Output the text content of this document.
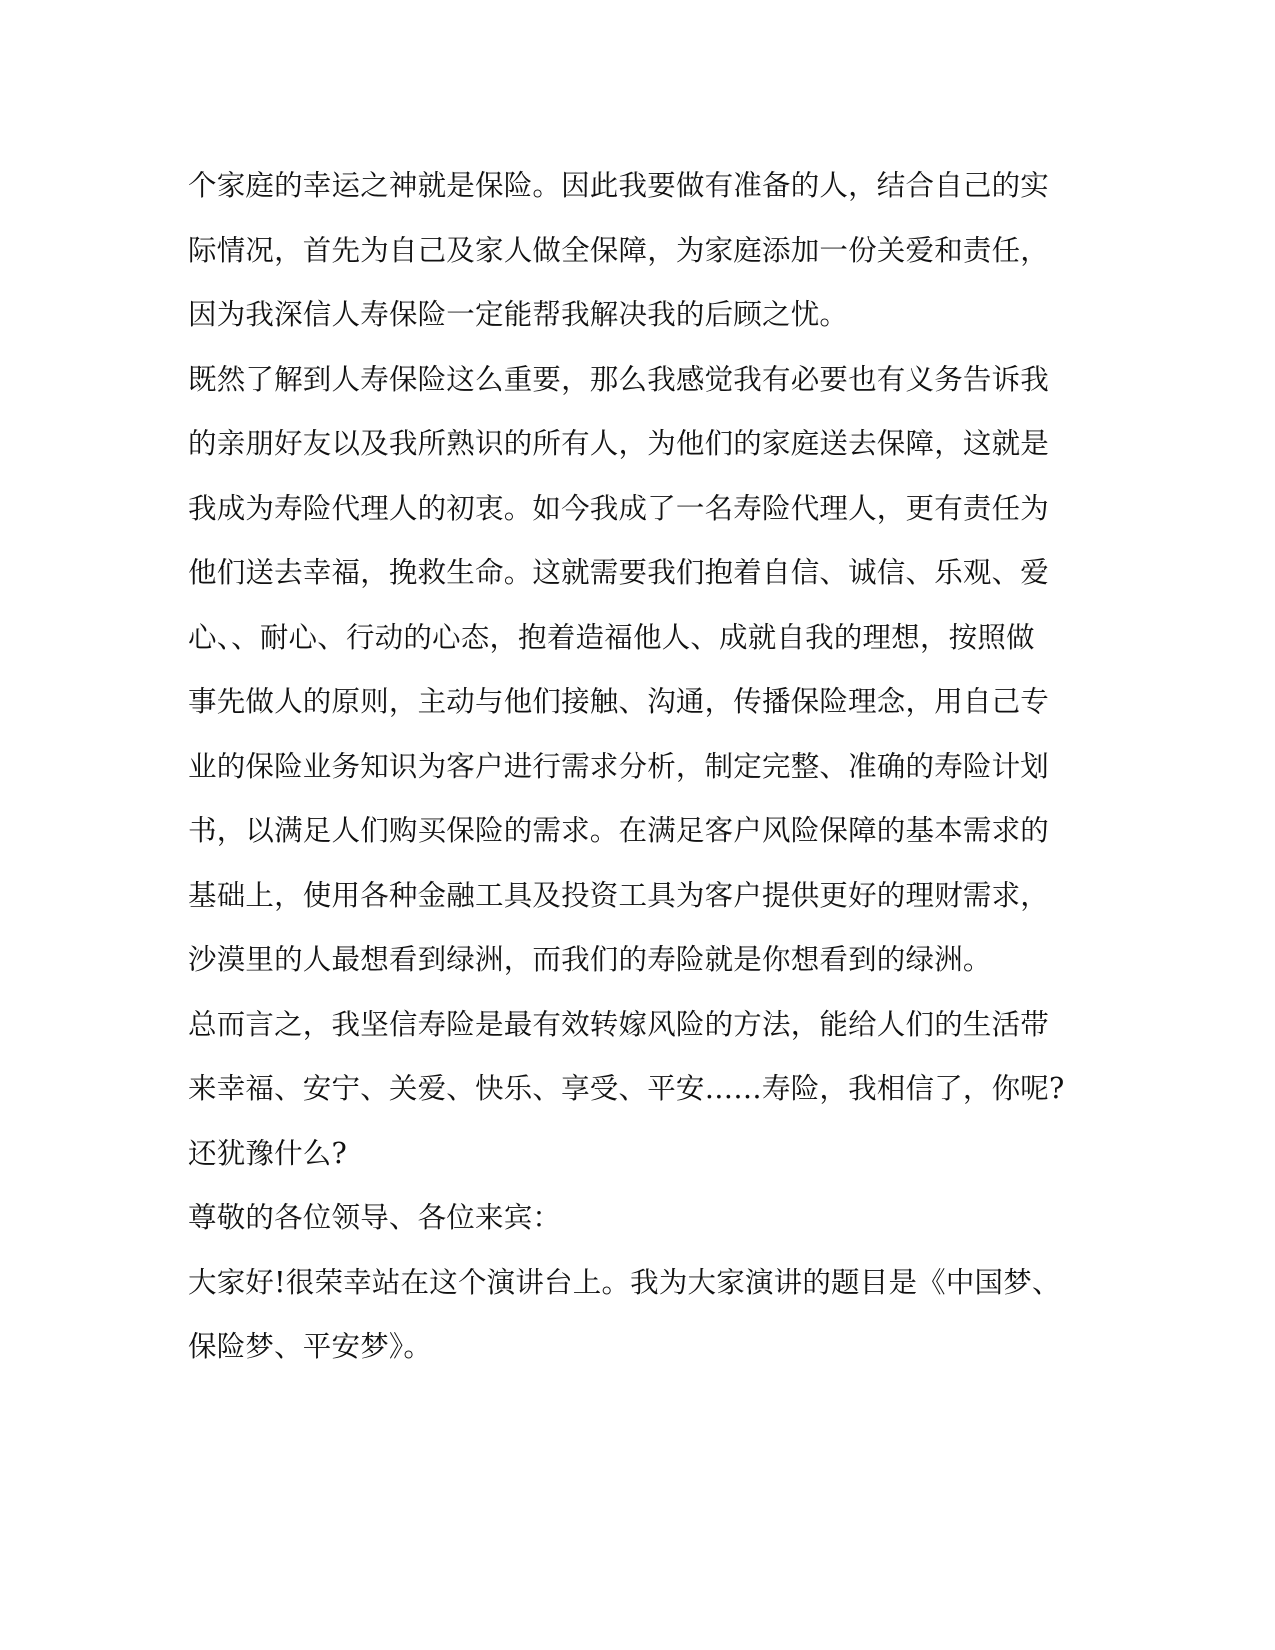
个家庭的幸运之神就是保险。因此我要做有准备的人，结合自己的实
际情况，首先为自己及家人做全保障，为家庭添加一份关爱和责任，
因为我深信人寿保险一定能帮我解决我的后顾之忧。

既然了解到人寿保险这么重要，那么我感觉我有必要也有义务告诉我
的亲朋好友以及我所熟识的所有人，为他们的家庭送去保障，这就是
我成为寿险代理人的初衷。如今我成了一名寿险代理人，更有责任为
他们送去幸福，挽救生命。这就需要我们抱着自信、诚信、乐观、爱
心、、耐心、行动的心态，抱着造福他人、成就自我的理想，按照做
事先做人的原则，主动与他们接触、沟通，传播保险理念，用自己专
业的保险业务知识为客户进行需求分析，制定完整、准确的寿险计划
书，以满足人们购买保险的需求。在满足客户风险保障的基本需求的
基础上，使用各种金融工具及投资工具为客户提供更好的理财需求，

沙漠里的人最想看到绿洲，而我们的寿险就是你想看到的绿洲。

总而言之，我坚信寿险是最有效转嫁风险的方法，能给人们的生活带
来幸福、安宁、关爱、快乐、享受、平安……寿险，我相信了，你呢?
还犹豫什么?

尊敬的各位领导、各位来宾：

大家好!很荣幸站在这个演讲台上。我为大家演讲的题目是《中国梦、
保险梦、平安梦》。
